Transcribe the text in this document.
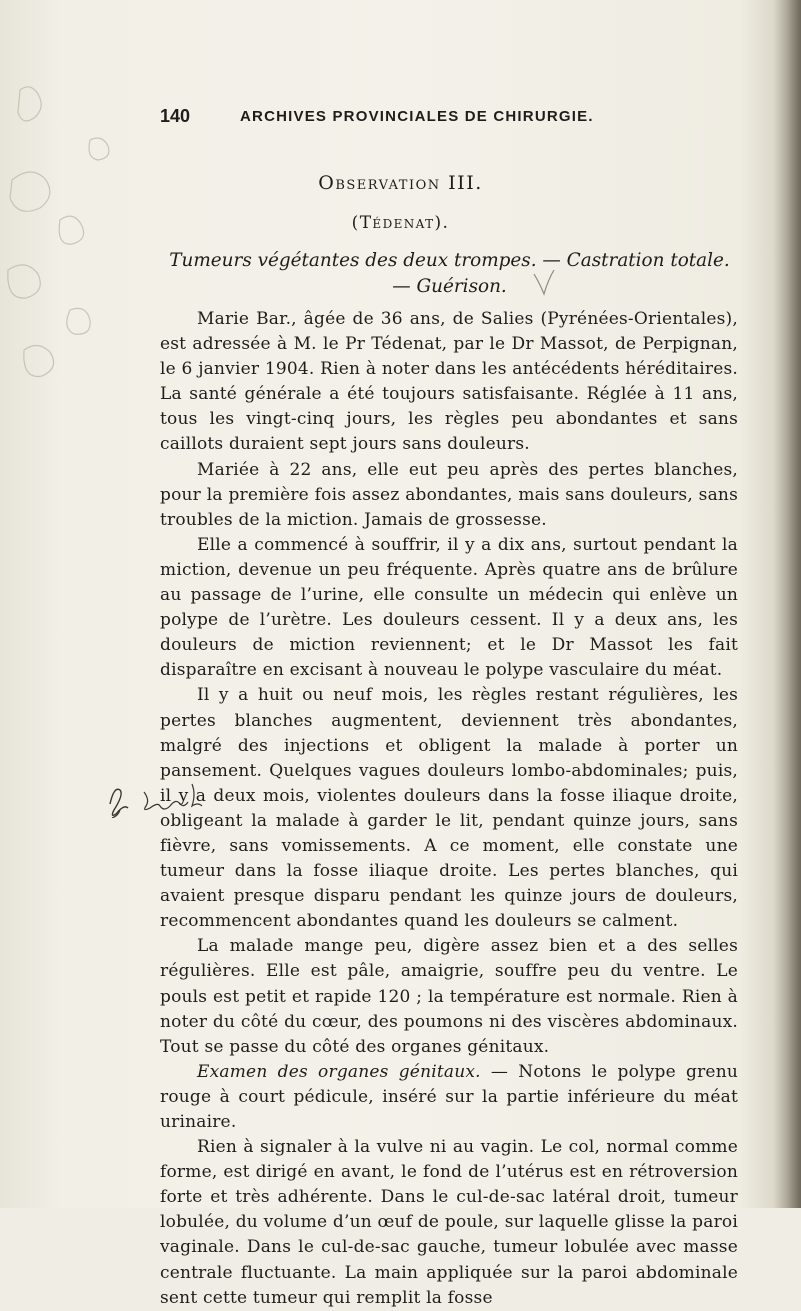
140	ARCHIVES PROVINCIALES DE CHIRURGIE.
Observation III.
(Tédenat).
Tumeurs végétantes des deux trompes. — Castration totale. — Guérison.

Marie Bar., âgée de 36 ans, de Salies (Pyrénées-Orientales), est adressée à M. le Pr Tédenat, par le Dr Massot, de Perpignan, le 6 janvier 1904. Rien à noter dans les antécédents héréditaires. La santé générale a été toujours satisfaisante. Réglée à 11 ans, tous les vingt-cinq jours, les règles peu abondantes et sans caillots duraient sept jours sans douleurs.

Mariée à 22 ans, elle eut peu après des pertes blanches, pour la première fois assez abondantes, mais sans douleurs, sans troubles de la miction. Jamais de grossesse.

Elle a commencé à souffrir, il y a dix ans, surtout pendant la miction, devenue un peu fréquente. Après quatre ans de brûlure au passage de l’urine, elle consulte un médecin qui enlève un polype de l’urètre. Les douleurs cessent. Il y a deux ans, les douleurs de miction reviennent; et le Dr Massot les fait disparaître en excisant à nouveau le polype vasculaire du méat.

Il y a huit ou neuf mois, les règles restant régulières, les pertes blanches augmentent, deviennent très abondantes, malgré des injections et obligent la malade à porter un pansement. Quelques vagues douleurs lombo-abdominales; puis, il y a deux mois, violentes douleurs dans la fosse iliaque droite, obligeant la malade à garder le lit, pendant quinze jours, sans fièvre, sans vomissements. A ce moment, elle constate une tumeur dans la fosse iliaque droite. Les pertes blanches, qui avaient presque disparu pendant les quinze jours de douleurs, recommencent abondantes quand les douleurs se calment.

La malade mange peu, digère assez bien et a des selles régulières. Elle est pâle, amaigrie, souffre peu du ventre. Le pouls est petit et rapide 120 ; la température est normale. Rien à noter du côté du cœur, des poumons ni des viscères abdominaux. Tout se passe du côté des organes génitaux.

Examen des organes génitaux. — Notons le polype grenu rouge à court pédicule, inséré sur la partie inférieure du méat urinaire.

Rien à signaler à la vulve ni au vagin. Le col, normal comme forme, est dirigé en avant, le fond de l’utérus est en rétroversion forte et très adhérente. Dans le cul-de-sac latéral droit, tumeur lobulée, du volume d’un œuf de poule, sur laquelle glisse la paroi vaginale. Dans le cul-de-sac gauche, tumeur lobulée avec masse centrale fluctuante. La main appliquée sur la paroi abdominale sent cette tumeur qui remplit la fosse
